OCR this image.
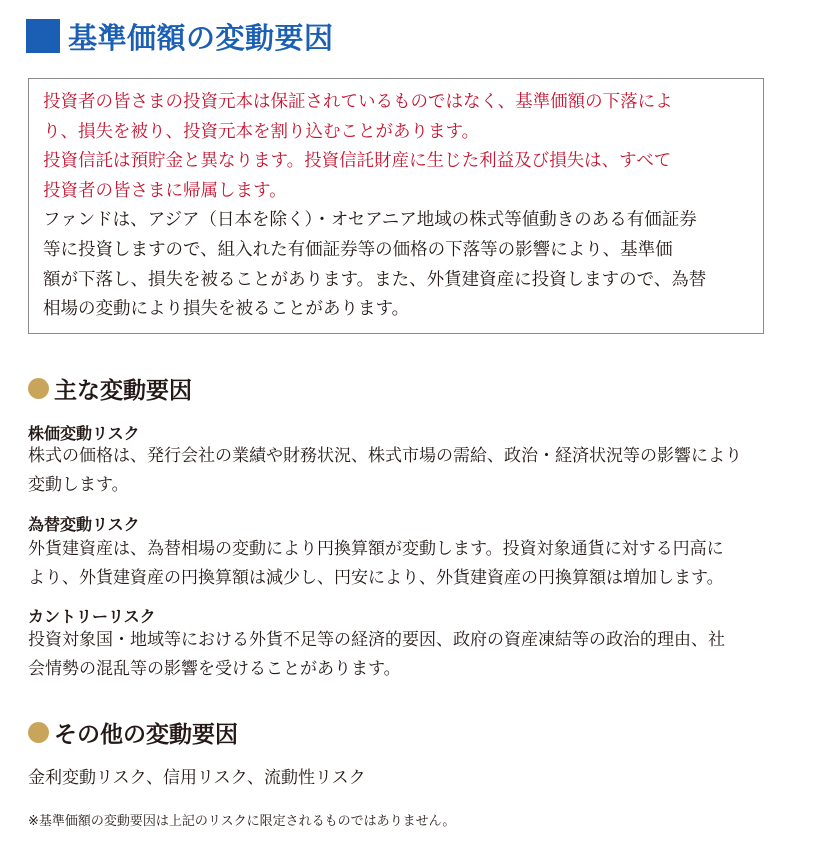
基準価額の変動要因

投資者の皆さまの投資元本は保証されているものではなく、基準価額の下落によ

り、損失を被り、投資元本を割り込むことがあります。

投資信託は預貯金と異なります。投資信託財産に生じた利益及び損失は、すべて

投資者の皆さまに帰属します。

ファンドは、アジア（日本を除く）・オセアニア地域の株式等値動きのある有価証券

等に投資しますので、組入れた有価証券等の価格の下落等の影響により、基準価

額が下落し、損失を被ることがあります。また、外貨建資産に投資しますので、為替

相場の変動により損失を被ることがあります。

主な変動要因
株価変動リスク
株式の価格は、発行会社の業績や財務状況、株式市場の需給、政治・経済状況等の影響により
変動します。
為替変動リスク
外貨建資産は、為替相場の変動により円換算額が変動します。投資対象通貨に対する円高に
より、外貨建資産の円換算額は減少し、円安により、外貨建資産の円換算額は増加します。
カントリーリスク
投資対象国・地域等における外貨不足等の経済的要因、政府の資産凍結等の政治的理由、社
会情勢の混乱等の影響を受けることがあります。
その他の変動要因
金利変動リスク、信用リスク、流動性リスク
※基準価額の変動要因は上記のリスクに限定されるものではありません。
